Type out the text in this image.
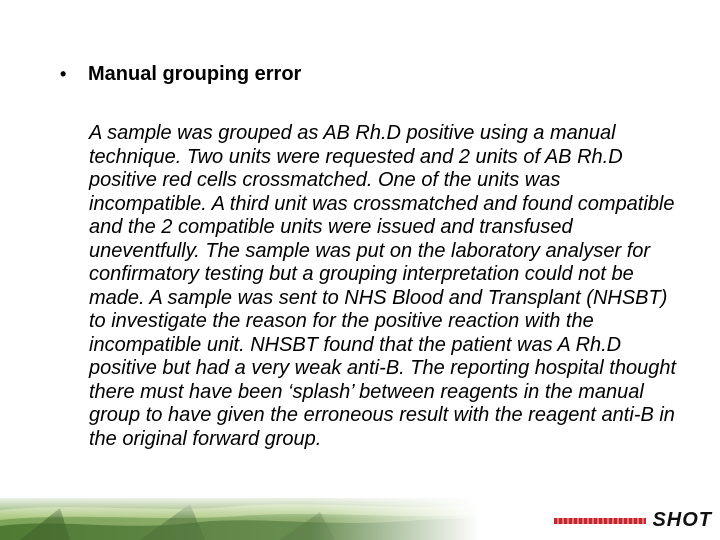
•	Manual grouping error

A sample was grouped as AB Rh.D positive using a manual technique. Two units were requested and 2 units of AB Rh.D positive red cells crossmatched. One of the units was incompatible. A third unit was crossmatched and found compatible and the 2 compatible units were issued and transfused uneventfully. The sample was put on the laboratory analyser for confirmatory testing but a grouping interpretation could not be made. A sample was sent to NHS Blood and Transplant (NHSBT) to investigate the reason for the positive reaction with the incompatible unit. NHSBT found that the patient was A Rh.D positive but had a very weak anti-B. The reporting hospital thought there must have been ‘splash’ between reagents in the manual group to have given the erroneous result with the reagent anti-B in the original forward group.

SHOT
